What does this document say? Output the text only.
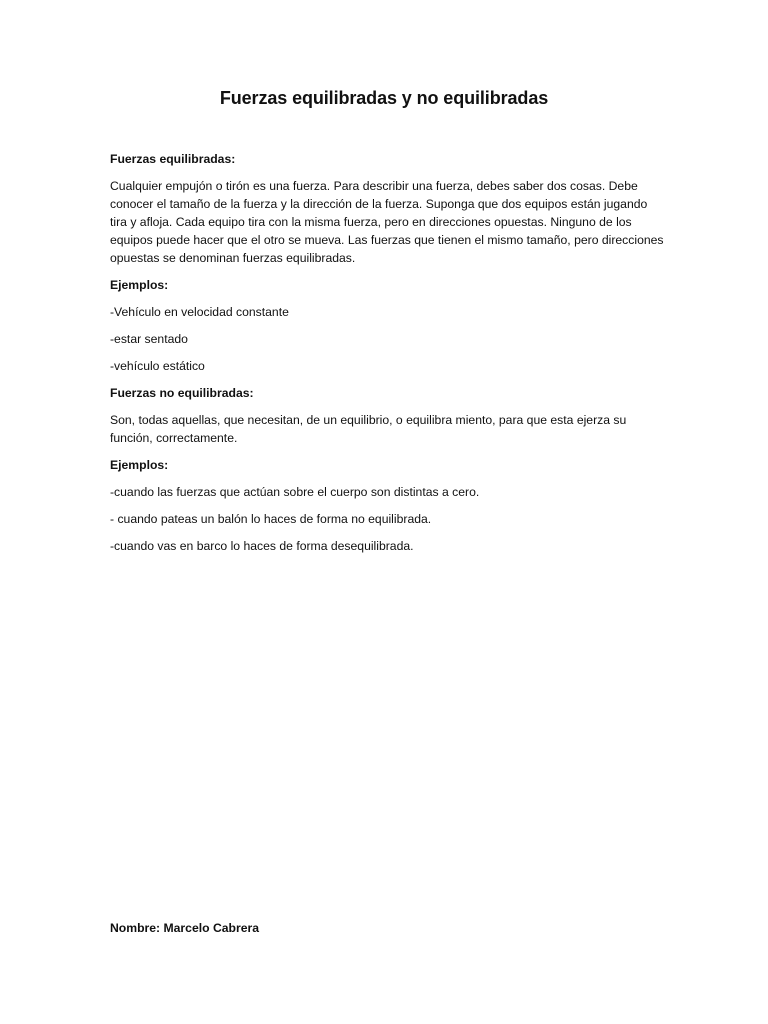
Fuerzas equilibradas y no equilibradas

Fuerzas equilibradas:

Cualquier empujón o tirón es una fuerza. Para describir una fuerza, debes saber dos cosas. Debe conocer el tamaño de la fuerza y la dirección de la fuerza. Suponga que dos equipos están jugando tira y afloja. Cada equipo tira con la misma fuerza, pero en direcciones opuestas. Ninguno de los equipos puede hacer que el otro se mueva. Las fuerzas que tienen el mismo tamaño, pero direcciones opuestas se denominan fuerzas equilibradas.

Ejemplos:

-Vehículo en velocidad constante

-estar sentado

-vehículo estático

Fuerzas no equilibradas:

Son, todas aquellas, que necesitan, de un equilibrio, o equilibra miento, para que esta ejerza su función, correctamente.

Ejemplos:

-cuando las fuerzas que actúan sobre el cuerpo son distintas a cero.

- cuando pateas un balón lo haces de forma no equilibrada.

-cuando vas en barco lo haces de forma desequilibrada.

Nombre: Marcelo Cabrera
